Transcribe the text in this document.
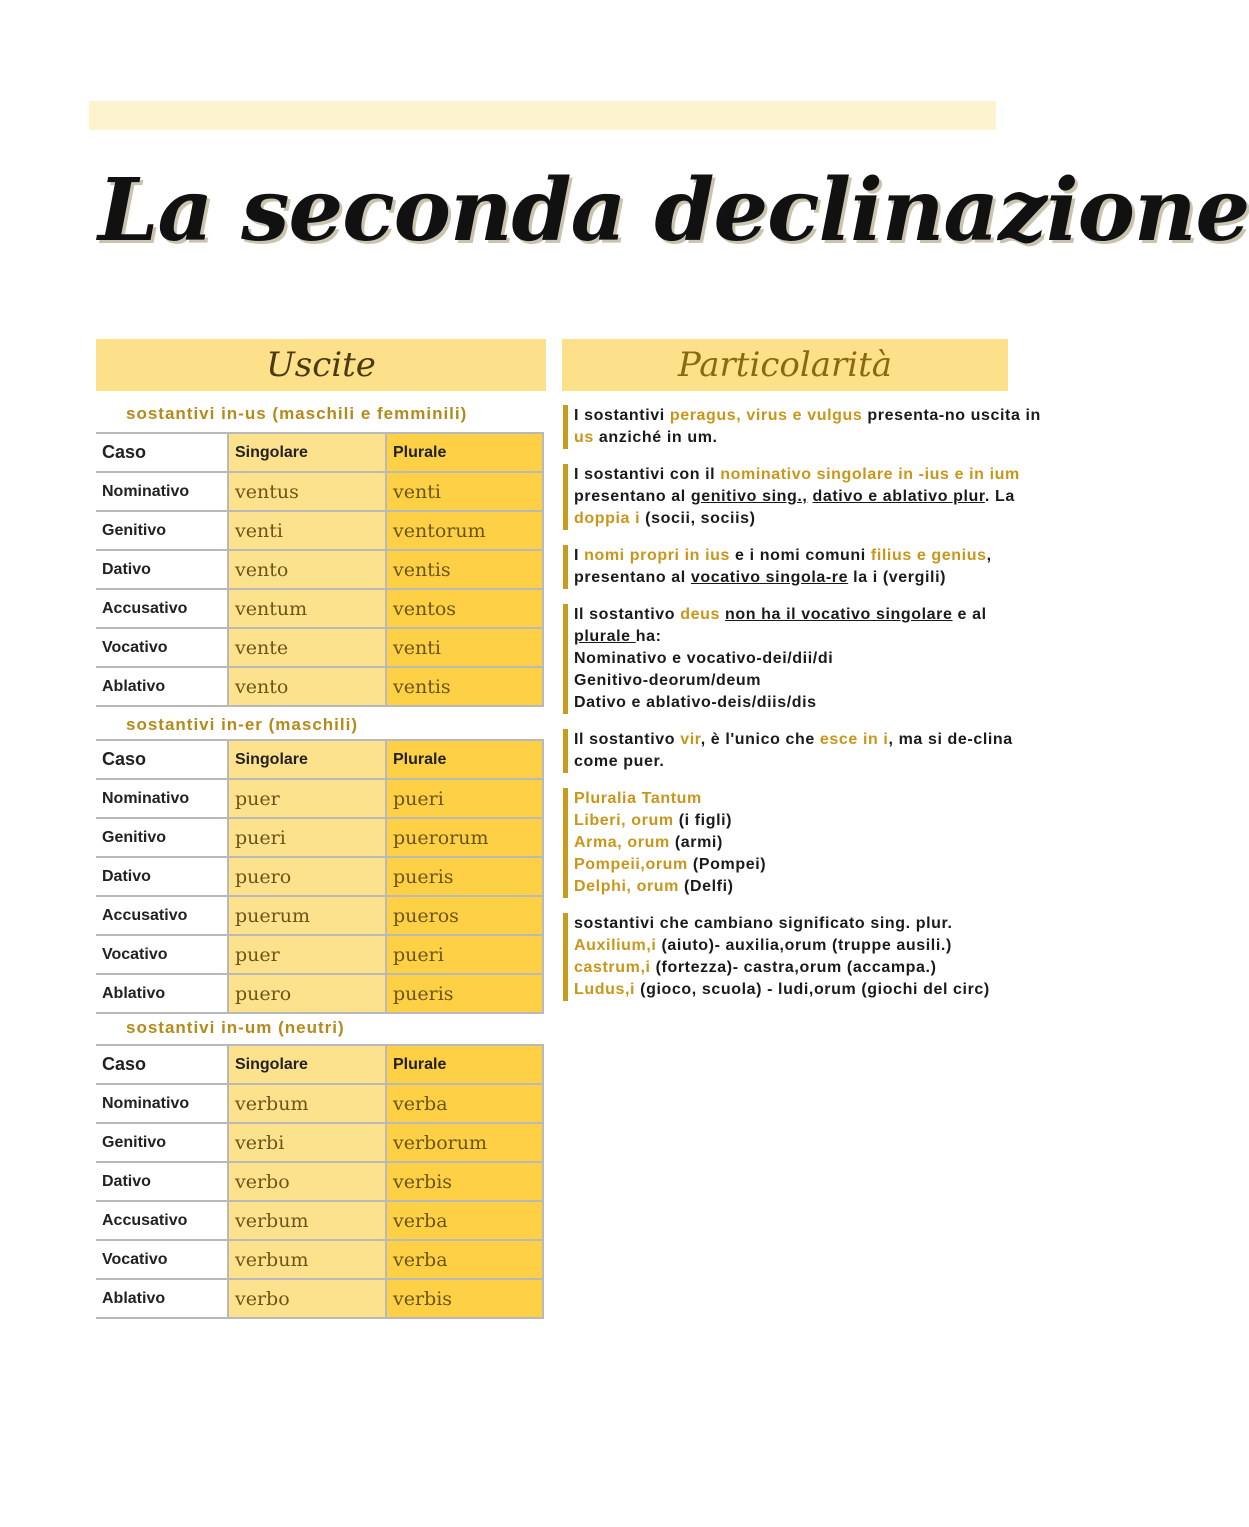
La seconda declinazione
Uscite	Particolarità
sostantivi in-us (maschili e femminili)
Caso	Singolare	Plurale
Nominativo	ventus	venti
Genitivo	venti	ventorum
Dativo	vento	ventis
Accusativo	ventum	ventos
Vocativo	vente	venti
Ablativo	vento	ventis
sostantivi in-er (maschili)
Caso	Singolare	Plurale
Nominativo	puer	pueri
Genitivo	pueri	puerorum
Dativo	puero	pueris
Accusativo	puerum	pueros
Vocativo	puer	pueri
Ablativo	puero	pueris
sostantivi in-um (neutri)
Caso	Singolare	Plurale
Nominativo	verbum	verba
Genitivo	verbi	verborum
Dativo	verbo	verbis
Accusativo	verbum	verba
Vocativo	verbum	verba
Ablativo	verbo	verbis
I sostantivi peragus, virus e vulgus presenta-no uscita in us anziché in um.
I sostantivi con il nominativo singolare in -ius e in ium presentano al genitivo sing., dativo e ablativo plur. La doppia i (socii, sociis)
I nomi propri in ius e i nomi comuni filius e genius, presentano al vocativo singola-re la i (vergili)
Il sostantivo deus non ha il vocativo singolare e al plurale ha:
Nominativo e vocativo-dei/dii/di
Genitivo-deorum/deum
Dativo e ablativo-deis/diis/dis
Il sostantivo vir, è l'unico che esce in i, ma si de-clina come puer.
Pluralia Tantum
Liberi, orum (i figli)
Arma, orum (armi)
Pompeii,orum (Pompei)
Delphi, orum (Delfi)
sostantivi che cambiano significato sing. plur.
Auxilium,i (aiuto)- auxilia,orum (truppe ausili.)
castrum,i (fortezza)- castra,orum (accampa.)
Ludus,i (gioco, scuola) - ludi,orum (giochi del circ)
